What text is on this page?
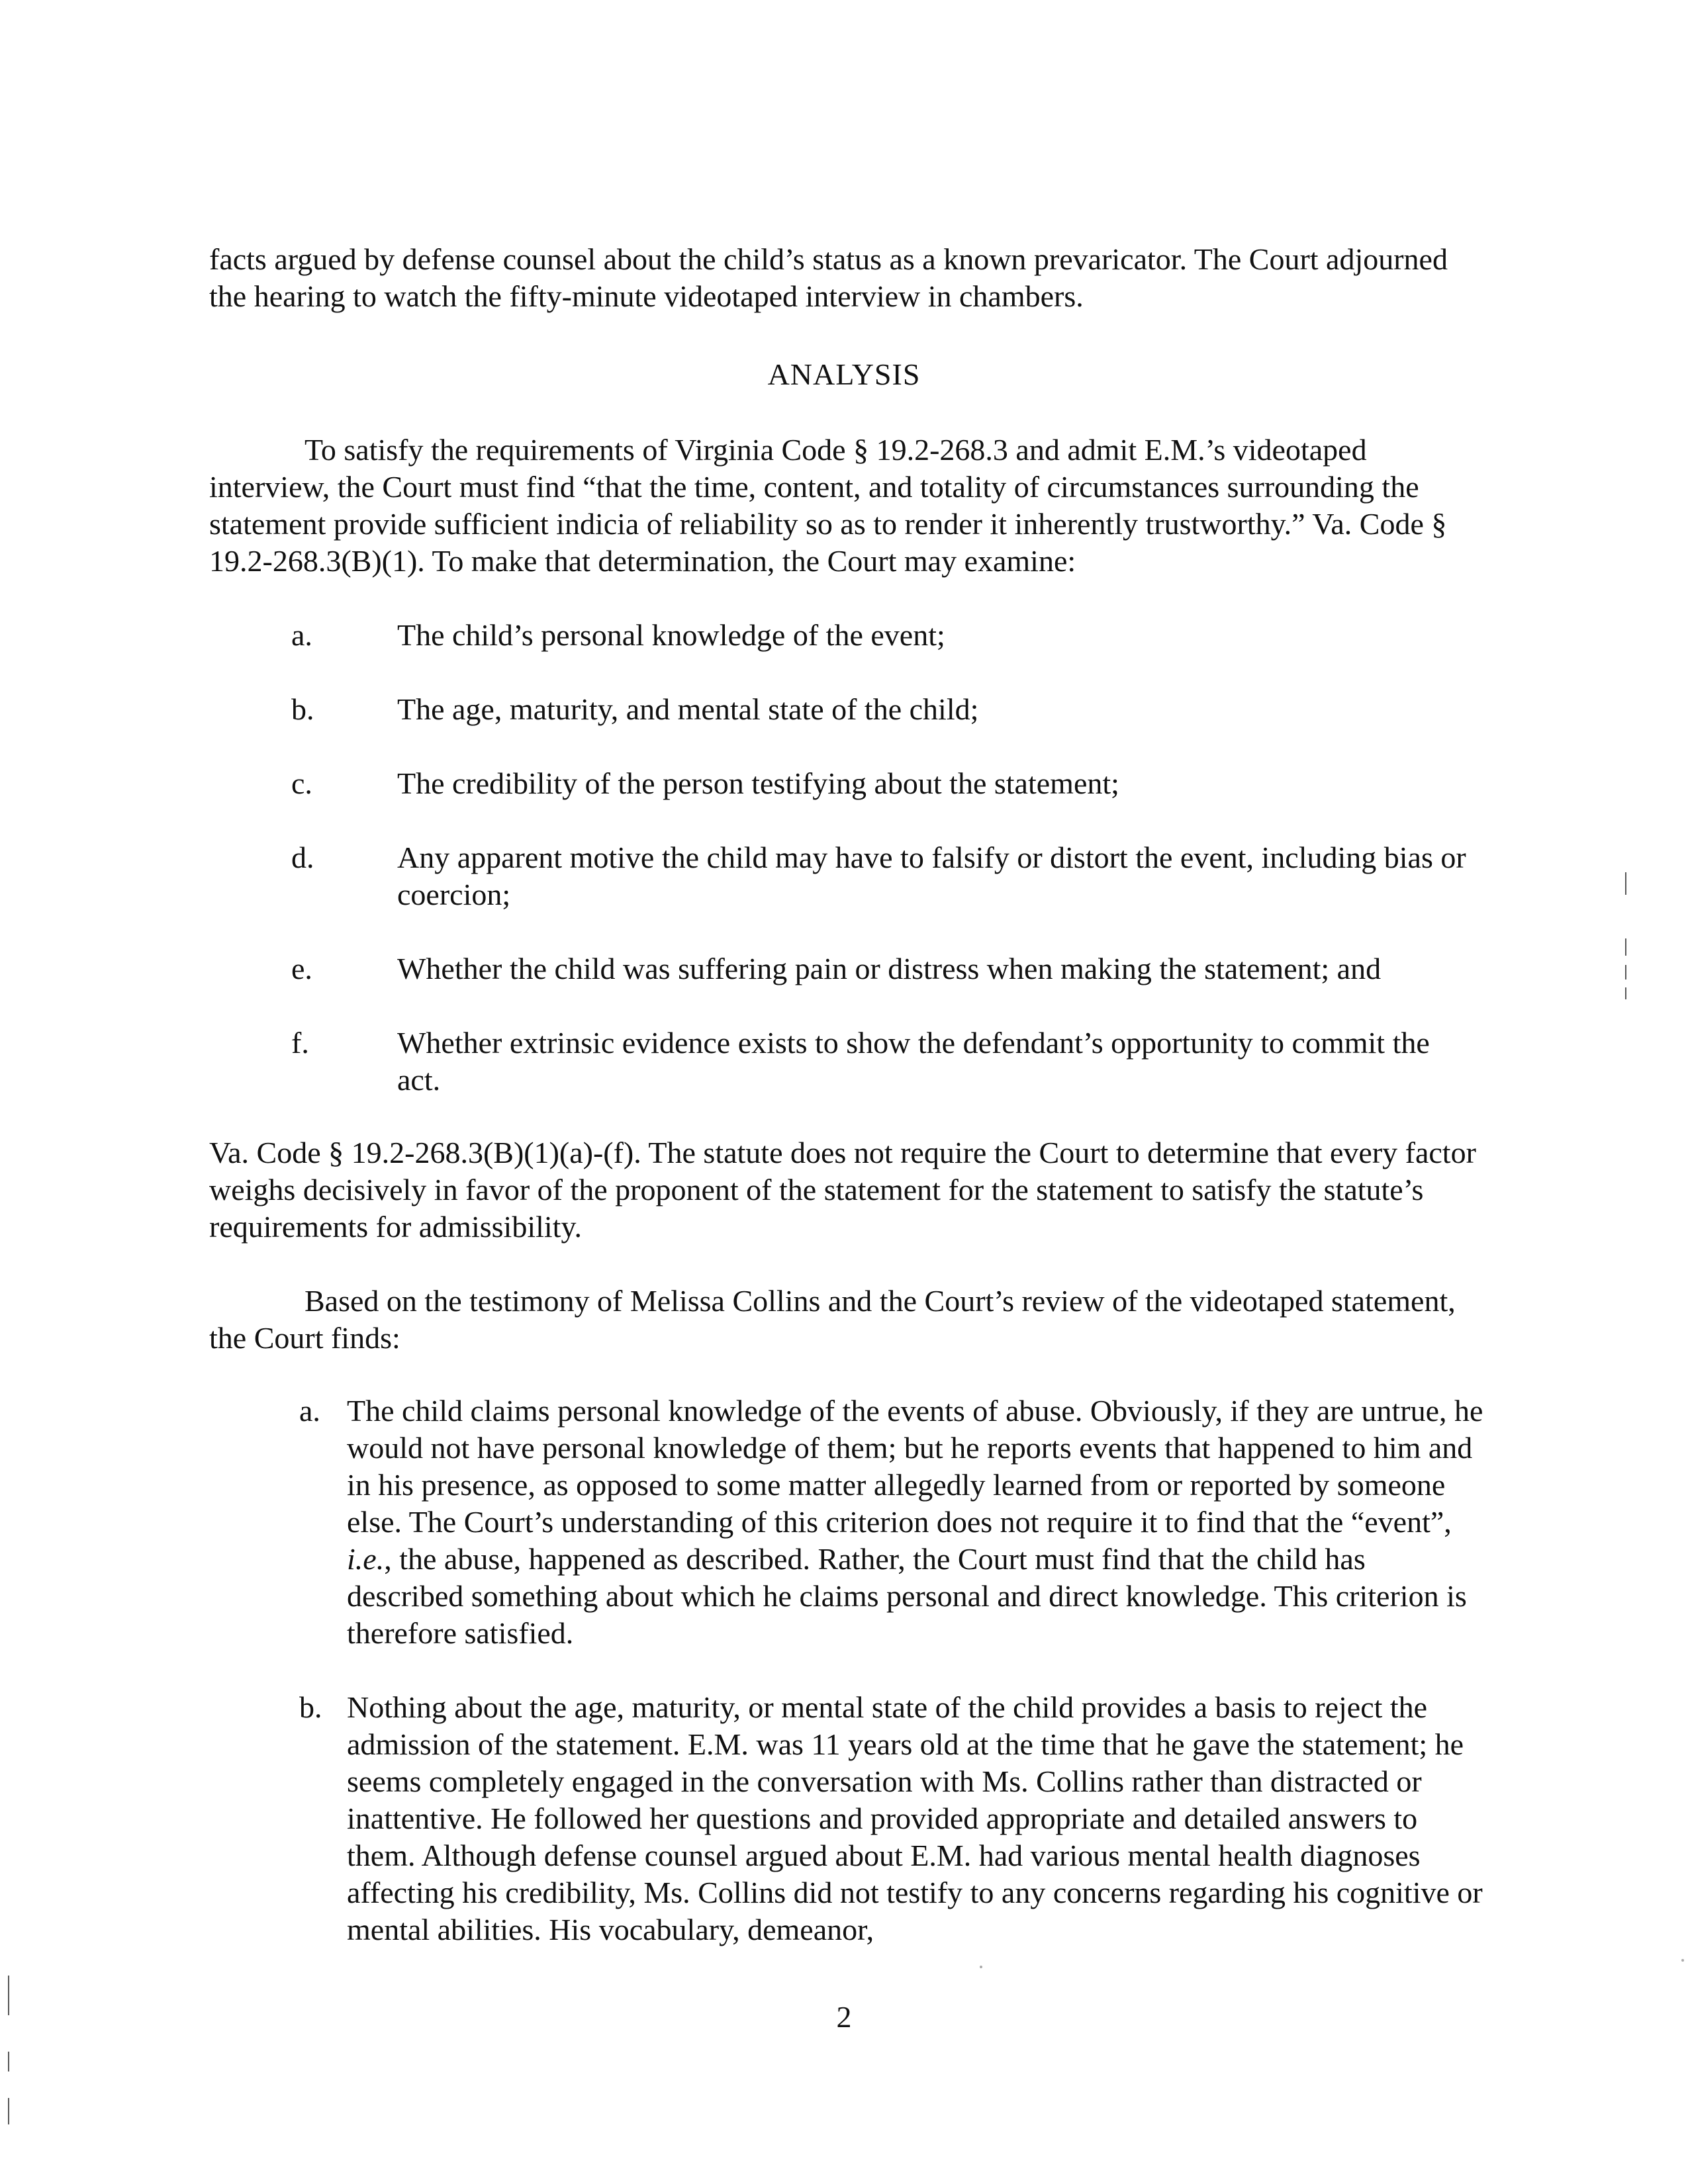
facts argued by defense counsel about the child’s status as a known prevaricator. The Court adjourned the hearing to watch the fifty-minute videotaped interview in chambers.
ANALYSIS
To satisfy the requirements of Virginia Code § 19.2-268.3 and admit E.M.’s videotaped interview, the Court must find “that the time, content, and totality of circumstances surrounding the statement provide sufficient indicia of reliability so as to render it inherently trustworthy.” Va. Code § 19.2-268.3(B)(1). To make that determination, the Court may examine:
a.	The child’s personal knowledge of the event;
b.	The age, maturity, and mental state of the child;
c.	The credibility of the person testifying about the statement;
d.	Any apparent motive the child may have to falsify or distort the event, including bias or coercion;
e.	Whether the child was suffering pain or distress when making the statement; and
f.	Whether extrinsic evidence exists to show the defendant’s opportunity to commit the act.
Va. Code § 19.2-268.3(B)(1)(a)-(f). The statute does not require the Court to determine that every factor weighs decisively in favor of the proponent of the statement for the statement to satisfy the statute’s requirements for admissibility.
Based on the testimony of Melissa Collins and the Court’s review of the videotaped statement, the Court finds:
a. The child claims personal knowledge of the events of abuse. Obviously, if they are untrue, he would not have personal knowledge of them; but he reports events that happened to him and in his presence, as opposed to some matter allegedly learned from or reported by someone else. The Court’s understanding of this criterion does not require it to find that the “event”, i.e., the abuse, happened as described. Rather, the Court must find that the child has described something about which he claims personal and direct knowledge. This criterion is therefore satisfied.
b. Nothing about the age, maturity, or mental state of the child provides a basis to reject the admission of the statement. E.M. was 11 years old at the time that he gave the statement; he seems completely engaged in the conversation with Ms. Collins rather than distracted or inattentive. He followed her questions and provided appropriate and detailed answers to them. Although defense counsel argued about E.M. had various mental health diagnoses affecting his credibility, Ms. Collins did not testify to any concerns regarding his cognitive or mental abilities. His vocabulary, demeanor,
2
